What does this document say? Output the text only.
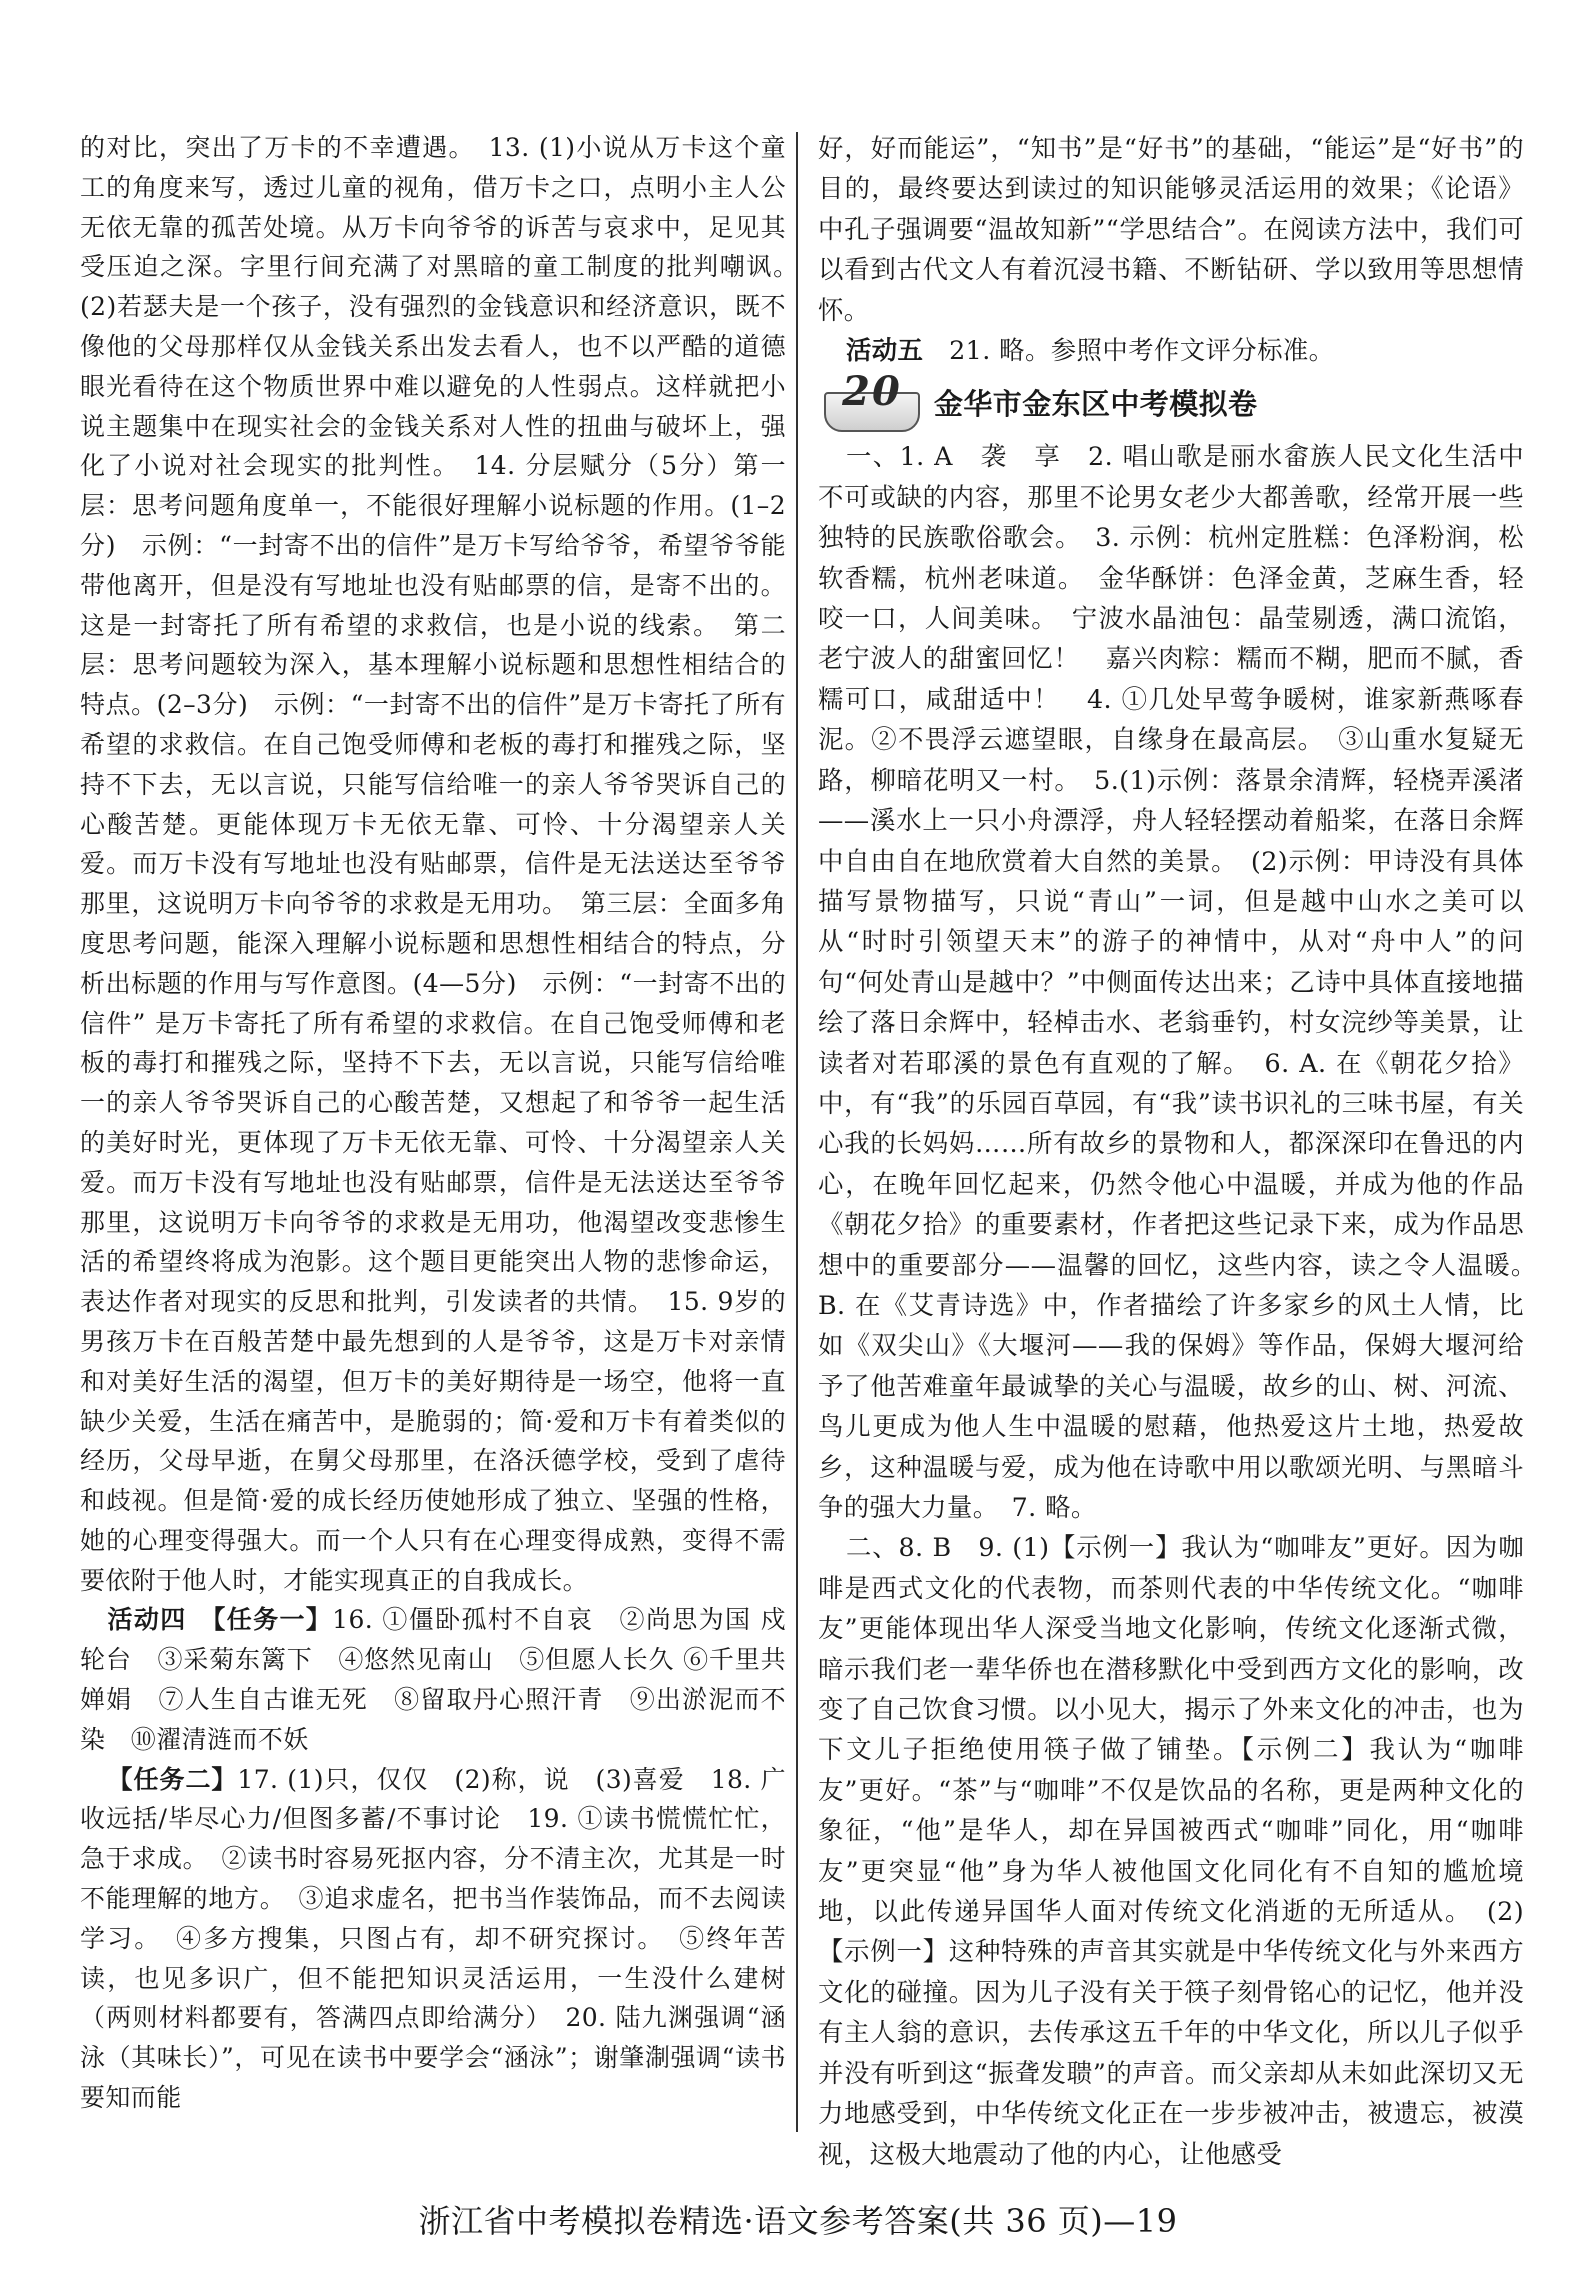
的对比，突出了万卡的不幸遭遇。　13. (1)小说从万卡这个童工的角度来写，透过儿童的视角，借万卡之口，点明小主人公无依无靠的孤苦处境。从万卡向爷爷的诉苦与哀求中，足见其受压迫之深。字里行间充满了对黑暗的童工制度的批判嘲讽。　(2)若瑟夫是一个孩子，没有强烈的金钱意识和经济意识，既不像他的父母那样仅从金钱关系出发去看人，也不以严酷的道德眼光看待在这个物质世界中难以避免的人性弱点。这样就把小说主题集中在现实社会的金钱关系对人性的扭曲与破坏上，强化了小说对社会现实的批判性。　14. 分层赋分（5分）第一层：思考问题角度单一，不能很好理解小说标题的作用。(1–2分)　示例：“一封寄不出的信件”是万卡写给爷爷，希望爷爷能带他离开，但是没有写地址也没有贴邮票的信，是寄不出的。这是一封寄托了所有希望的求救信，也是小说的线索。　第二层：思考问题较为深入，基本理解小说标题和思想性相结合的特点。(2–3分)　示例：“一封寄不出的信件”是万卡寄托了所有希望的求救信。在自己饱受师傅和老板的毒打和摧残之际，坚持不下去，无以言说，只能写信给唯一的亲人爷爷哭诉自己的心酸苦楚。更能体现万卡无依无靠、可怜、十分渴望亲人关爱。而万卡没有写地址也没有贴邮票，信件是无法送达至爷爷那里，这说明万卡向爷爷的求救是无用功。　第三层：全面多角度思考问题，能深入理解小说标题和思想性相结合的特点，分析出标题的作用与写作意图。(4—5分)　示例：“一封寄不出的信件” 是万卡寄托了所有希望的求救信。在自己饱受师傅和老板的毒打和摧残之际，坚持不下去，无以言说，只能写信给唯一的亲人爷爷哭诉自己的心酸苦楚，又想起了和爷爷一起生活的美好时光，更体现了万卡无依无靠、可怜、十分渴望亲人关爱。而万卡没有写地址也没有贴邮票，信件是无法送达至爷爷那里，这说明万卡向爷爷的求救是无用功，他渴望改变悲惨生活的希望终将成为泡影。这个题目更能突出人物的悲惨命运，表达作者对现实的反思和批判，引发读者的共情。　15. 9岁的男孩万卡在百般苦楚中最先想到的人是爷爷，这是万卡对亲情和对美好生活的渴望，但万卡的美好期待是一场空，他将一直缺少关爱，生活在痛苦中，是脆弱的；简·爱和万卡有着类似的经历，父母早逝，在舅父母那里，在洛沃德学校，受到了虐待和歧视。但是简·爱的成长经历使她形成了独立、坚强的性格，她的心理变得强大。而一个人只有在心理变得成熟，变得不需要依附于他人时，才能实现真正的自我成长。

活动四　 【任务一】16. ①僵卧孤村不自哀　②尚思为国 戍轮台　③采菊东篱下　④悠然见南山　⑤但愿人长久 ⑥千里共婵娟　⑦人生自古谁无死　⑧留取丹心照汗青　⑨出淤泥而不染　⑩濯清涟而不妖

【任务二】17. (1)只，仅仅　(2)称，说　(3)喜爱　18. 广收远括/毕尽心力/但图多蓄/不事讨论　19. ①读书慌慌忙忙，急于求成。　②读书时容易死抠内容，分不清主次，尤其是一时不能理解的地方。　③追求虚名，把书当作装饰品，而不去阅读学习。　④多方搜集，只图占有，却不研究探讨。　⑤终年苦读，也见多识广，但不能把知识灵活运用，一生没什么建树（两则材料都要有，答满四点即给满分）　20. 陆九渊强调“涵泳（其味长）”，可见在读书中要学会“涵泳”；谢肇淛强调“读书要知而能

好，好而能运”，“知书”是“好书”的基础，“能运”是“好书”的目的，最终要达到读过的知识能够灵活运用的效果；《论语》中孔子强调要“温故知新”“学思结合”。在阅读方法中，我们可以看到古代文人有着沉浸书籍、不断钻研、学以致用等思想情怀。

活动五　 21. 略。参照中考作文评分标准。

20 金华市金东区中考模拟卷

一、1. A　袭　享　2. 唱山歌是丽水畲族人民文化生活中不可或缺的内容，那里不论男女老少大都善歌，经常开展一些独特的民族歌俗歌会。　3. 示例：杭州定胜糕：色泽粉润，松软香糯，杭州老味道。　金华酥饼：色泽金黄，芝麻生香，轻咬一口，人间美味。　宁波水晶油包：晶莹剔透，满口流馅，老宁波人的甜蜜回忆！　嘉兴肉粽：糯而不糊，肥而不腻，香糯可口，咸甜适中！　4. ①几处早莺争暖树，谁家新燕啄春泥。②不畏浮云遮望眼，自缘身在最高层。　③山重水复疑无路，柳暗花明又一村。　5.(1)示例：落景余清辉，轻桡弄溪渚——溪水上一只小舟漂浮，舟人轻轻摆动着船桨，在落日余辉中自由自在地欣赏着大自然的美景。　(2)示例：甲诗没有具体描写景物描写，只说“青山”一词，但是越中山水之美可以从“时时引领望天末”的游子的神情中，从对“舟中人”的问句“何处青山是越中？”中侧面传达出来；乙诗中具体直接地描绘了落日余辉中，轻棹击水、老翁垂钓，村女浣纱等美景，让读者对若耶溪的景色有直观的了解。　6. A. 在《朝花夕拾》中，有“我”的乐园百草园，有“我”读书识礼的三味书屋，有关心我的长妈妈……所有故乡的景物和人，都深深印在鲁迅的内心，在晚年回忆起来，仍然令他心中温暖，并成为他的作品《朝花夕拾》的重要素材，作者把这些记录下来，成为作品思想中的重要部分——温馨的回忆，这些内容，读之令人温暖。　B. 在《艾青诗选》中，作者描绘了许多家乡的风土人情，比如《双尖山》《大堰河——我的保姆》等作品，保姆大堰河给予了他苦难童年最诚挚的关心与温暖，故乡的山、树、河流、鸟儿更成为他人生中温暖的慰藉，他热爱这片土地，热爱故乡，这种温暖与爱，成为他在诗歌中用以歌颂光明、与黑暗斗争的强大力量。　7. 略。

二、8. B　9. (1)【示例一】我认为“咖啡友”更好。因为咖啡是西式文化的代表物，而茶则代表的中华传统文化。“咖啡友”更能体现出华人深受当地文化影响，传统文化逐渐式微，暗示我们老一辈华侨也在潜移默化中受到西方文化的影响，改变了自己饮食习惯。以小见大，揭示了外来文化的冲击，也为下文儿子拒绝使用筷子做了铺垫。【示例二】我认为“咖啡友”更好。“茶”与“咖啡”不仅是饮品的名称，更是两种文化的象征，“他”是华人，却在异国被西式“咖啡”同化，用“咖啡友”更突显“他”身为华人被他国文化同化有不自知的尴尬境地，以此传递异国华人面对传统文化消逝的无所适从。　(2)【示例一】这种特殊的声音其实就是中华传统文化与外来西方文化的碰撞。因为儿子没有关于筷子刻骨铭心的记忆，他并没有主人翁的意识，去传承这五千年的中华文化，所以儿子似乎并没有听到这“振聋发聩”的声音。而父亲却从未如此深切又无力地感受到，中华传统文化正在一步步被冲击，被遗忘，被漠视，这极大地震动了他的内心，让他感受

浙江省中考模拟卷精选·语文参考答案(共 36 页)—19
